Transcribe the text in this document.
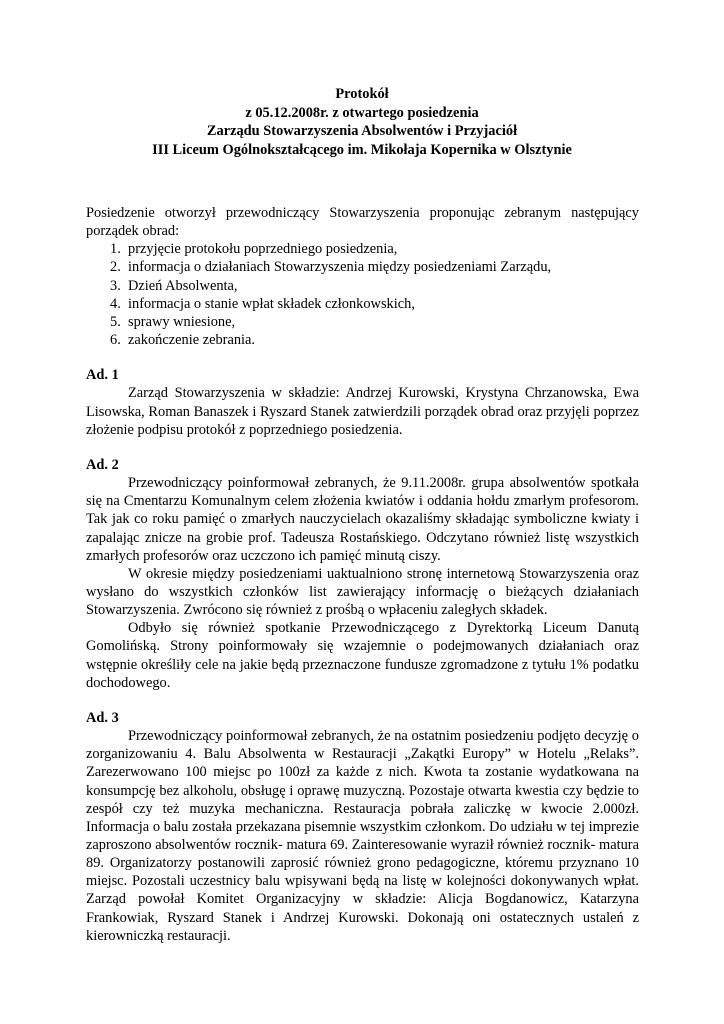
Protokół
z 05.12.2008r. z otwartego posiedzenia
Zarządu Stowarzyszenia Absolwentów i Przyjaciół
III Liceum Ogólnokształcącego im. Mikołaja Kopernika w Olsztynie

Posiedzenie otworzył przewodniczący Stowarzyszenia proponując zebranym następujący porządek obrad:

1. przyjęcie protokołu poprzedniego posiedzenia,
2. informacja o działaniach Stowarzyszenia między posiedzeniami Zarządu,
3. Dzień Absolwenta,
4. informacja o stanie wpłat składek członkowskich,
5. sprawy wniesione,
6. zakończenie zebrania.
Ad. 1

Zarząd Stowarzyszenia w składzie: Andrzej Kurowski, Krystyna Chrzanowska, Ewa Lisowska, Roman Banaszek i Ryszard Stanek zatwierdzili porządek obrad oraz przyjęli poprzez złożenie podpisu protokół z poprzedniego posiedzenia.

Ad. 2

Przewodniczący poinformował zebranych, że 9.11.2008r. grupa absolwentów spotkała się na Cmentarzu Komunalnym celem złożenia kwiatów i oddania hołdu zmarłym profesorom. Tak jak co roku pamięć o zmarłych nauczycielach okazaliśmy składając symboliczne kwiaty i zapalając znicze na grobie prof. Tadeusza Rostańskiego. Odczytano również listę wszystkich zmarłych profesorów oraz uczczono ich pamięć minutą ciszy.

W okresie między posiedzeniami uaktualniono stronę internetową Stowarzyszenia oraz wysłano do wszystkich członków list zawierający informację o bieżących działaniach Stowarzyszenia. Zwrócono się również z prośbą o wpłaceniu zaległych składek.

Odbyło się również spotkanie Przewodniczącego z Dyrektorką Liceum Danutą Gomolińską. Strony poinformowały się wzajemnie o podejmowanych działaniach oraz wstępnie określiły cele na jakie będą przeznaczone fundusze zgromadzone z tytułu 1% podatku dochodowego.

Ad. 3

Przewodniczący poinformował zebranych, że na ostatnim posiedzeniu podjęto decyzję o zorganizowaniu 4. Balu Absolwenta w Restauracji „Zakątki Europy” w Hotelu „Relaks”. Zarezerwowano 100 miejsc po 100zł za każde z nich. Kwota ta zostanie wydatkowana na konsumpcję bez alkoholu, obsługę i oprawę muzyczną. Pozostaje otwarta kwestia czy będzie to zespół czy też muzyka mechaniczna. Restauracja pobrała zaliczkę w kwocie 2.000zł. Informacja o balu została przekazana pisemnie wszystkim członkom. Do udziału w tej imprezie zaproszono absolwentów rocznik- matura 69. Zainteresowanie wyraził również rocznik- matura 89. Organizatorzy postanowili zaprosić również grono pedagogiczne, któremu przyznano 10 miejsc. Pozostali uczestnicy balu wpisywani będą na listę w kolejności dokonywanych wpłat. Zarząd powołał Komitet Organizacyjny w składzie: Alicja Bogdanowicz, Katarzyna Frankowiak, Ryszard Stanek i Andrzej Kurowski. Dokonają oni ostatecznych ustaleń z kierowniczką restauracji.
